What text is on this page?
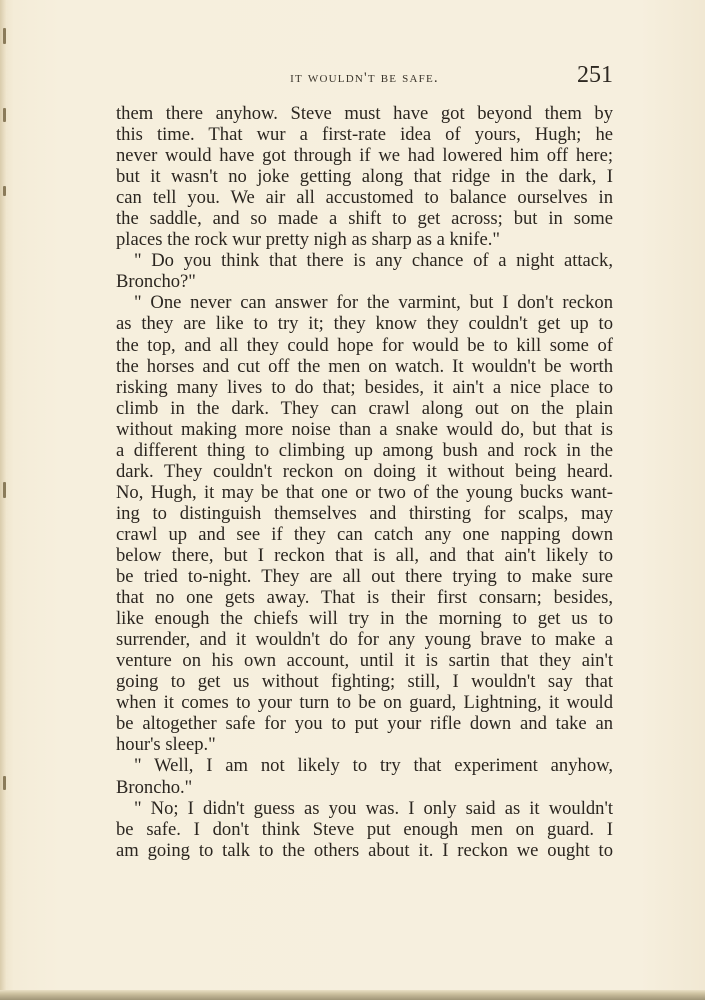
it wouldn't be safe.	251
them there anyhow. Steve must have got beyond them by
this time. That wur a first-rate idea of yours, Hugh; he
never would have got through if we had lowered him off here;
but it wasn't no joke getting along that ridge in the dark, I
can tell you. We air all accustomed to balance ourselves in
the saddle, and so made a shift to get across; but in some
places the rock wur pretty nigh as sharp as a knife."
" Do you think that there is any chance of a night attack,
Broncho?"
" One never can answer for the varmint, but I don't reckon
as they are like to try it; they know they couldn't get up to
the top, and all they could hope for would be to kill some of
the horses and cut off the men on watch. It wouldn't be worth
risking many lives to do that; besides, it ain't a nice place to
climb in the dark. They can crawl along out on the plain
without making more noise than a snake would do, but that is
a different thing to climbing up among bush and rock in the
dark. They couldn't reckon on doing it without being heard.
No, Hugh, it may be that one or two of the young bucks want-
ing to distinguish themselves and thirsting for scalps, may
crawl up and see if they can catch any one napping down
below there, but I reckon that is all, and that ain't likely to
be tried to-night. They are all out there trying to make sure
that no one gets away. That is their first consarn; besides,
like enough the chiefs will try in the morning to get us to
surrender, and it wouldn't do for any young brave to make a
venture on his own account, until it is sartin that they ain't
going to get us without fighting; still, I wouldn't say that
when it comes to your turn to be on guard, Lightning, it would
be altogether safe for you to put your rifle down and take an
hour's sleep."
" Well, I am not likely to try that experiment anyhow,
Broncho."
" No; I didn't guess as you was. I only said as it wouldn't
be safe. I don't think Steve put enough men on guard. I
am going to talk to the others about it. I reckon we ought to
